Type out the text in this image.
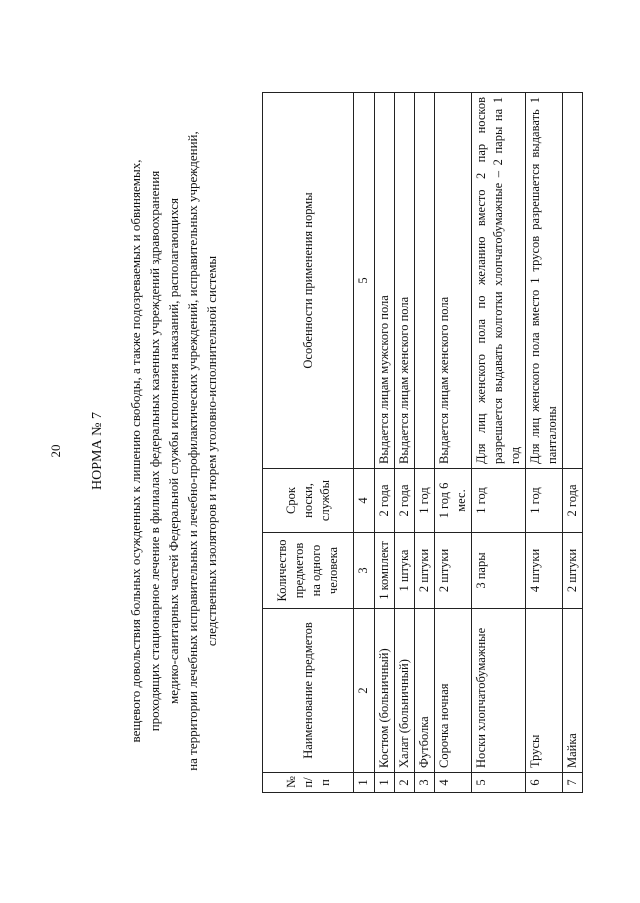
20 НОРМА № 7 вещевого довольствия больных осужденных к лишению свободы, а также подозреваемых и обвиняемых, проходящих стационарное лечение в филиалах федеральных казенных учреждений здравоохранения медико-санитарных частей Федеральной службы исполнения наказаний, располагающихся на территории лечебных исправительных и лечебно-профилактических учреждений, исправительных учреждений, следственных изоляторов и тюрем уголовно-исполнительной системы
№ п/п	Наименование предметов	Количество предметов на одного человека	Срок носки, службы	Особенности применения нормы
1	2	3	4	5
1	Костюм (больничный)	1 комплект	2 года	Выдается лицам мужского пола
2	Халат (больничный)	1 штука	2 года	Выдается лицам женского пола
3	Футболка	2 штуки	1 год	
4	Сорочка ночная	2 штуки	1 год 6 мес.	Выдается лицам женского пола
5	Носки хлопчатобумажные	3 пары	1 год	Для лиц женского пола по желанию вместо 2 пар носков разрешается выдавать колготки хлопчатобумажные – 2 пары на 1 год
6	Трусы	4 штуки	1 год	Для лиц женского пола вместо 1 трусов разрешается выдавать 1 панталоны
7	Майка	2 штуки	2 года	
